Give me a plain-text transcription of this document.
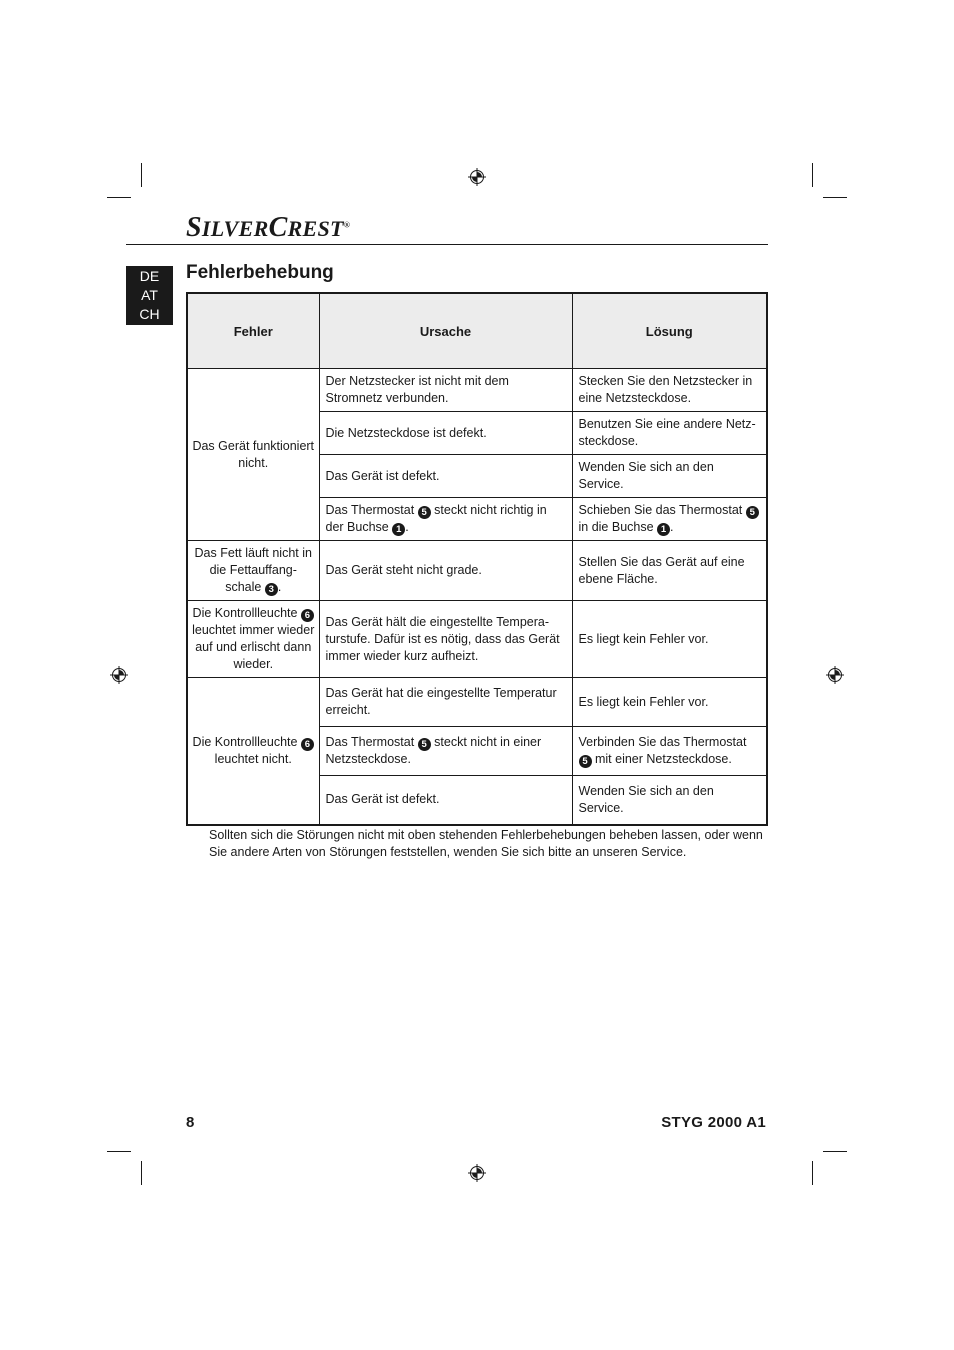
SILVERCREST®
DE
AT
CH
Fehlerbehebung
Fehler	Ursache	Lösung
Das Gerät funktioniert nicht.	Der Netzstecker ist nicht mit dem Stromnetz verbunden.	Stecken Sie den Netzstecker in eine Netzsteckdose.
	Die Netzsteckdose ist defekt.	Benutzen Sie eine andere Netz-steckdose.
	Das Gerät ist defekt.	Wenden Sie sich an den Service.
	Das Thermostat 5 steckt nicht richtig in der Buchse 1 .	Schieben Sie das Thermostat 5 in die Buchse 1 .
Das Fett läuft nicht in die Fettauffang-schale 3 .	Das Gerät steht nicht grade.	Stellen Sie das Gerät auf eine ebene Fläche.
Die Kontrollleuchte 6 leuchtet immer wieder auf und erlischt dann wieder.	Das Gerät hält die eingestellte Tempera-turstufe. Dafür ist es nötig, dass das Gerät immer wieder kurz aufheizt.	Es liegt kein Fehler vor.
Die Kontrollleuchte 6 leuchtet nicht.	Das Gerät hat die eingestellte Temperatur erreicht.	Es liegt kein Fehler vor.
	Das Thermostat 5 steckt nicht in einer Netzsteckdose.	Verbinden Sie das Thermostat 5 mit einer Netzsteckdose.
	Das Gerät ist defekt.	Wenden Sie sich an den Service.

Sollten sich die Störungen nicht mit oben stehenden Fehlerbehebungen beheben lassen, oder wenn Sie andere Arten von Störungen feststellen, wenden Sie sich bitte an unseren Service.

8	STYG 2000 A1
